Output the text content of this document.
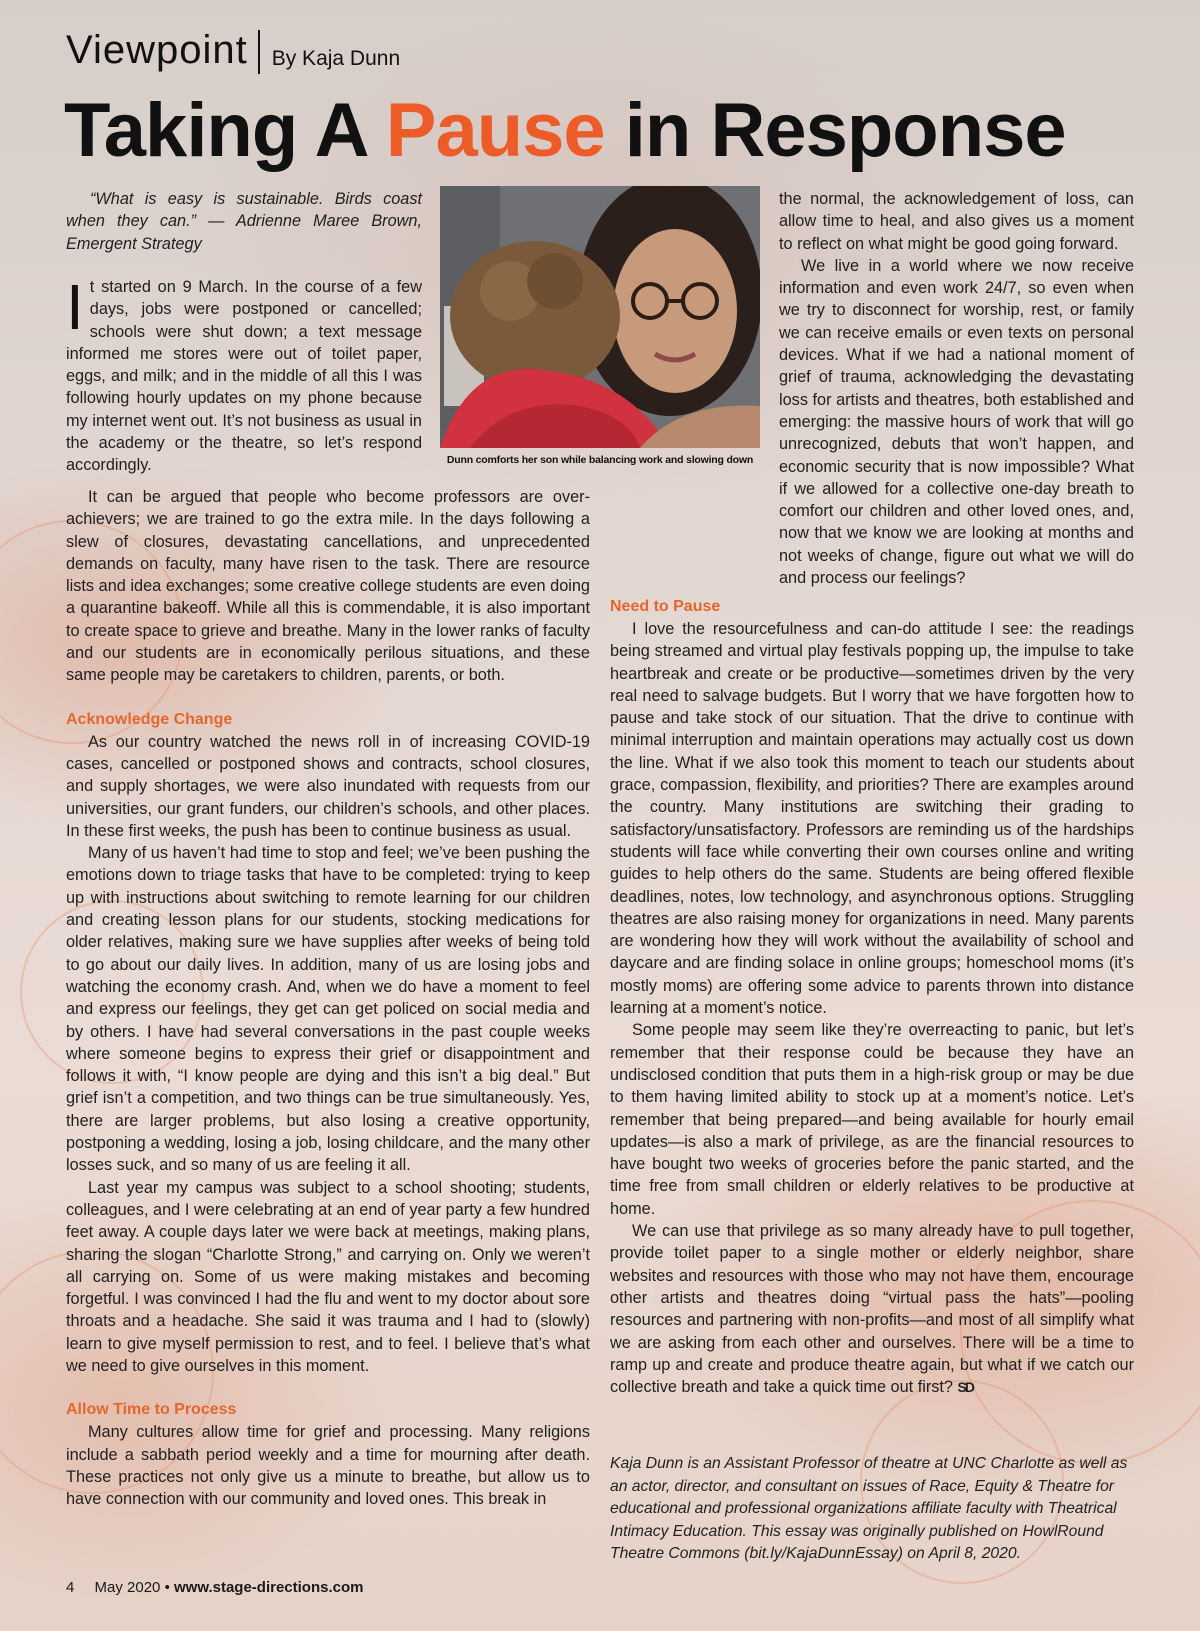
Viewpoint By Kaja Dunn
Taking A Pause in Response

“What is easy is sustainable. Birds coast when they can.” — Adrienne Maree Brown, Emergent Strategy

It started on 9 March. In the course of a few days, jobs were postponed or cancelled; schools were shut down; a text message informed me stores were out of toilet paper, eggs, and milk; and in the middle of all this I was following hourly updates on my phone because my internet went out. It’s not business as usual in the academy or the theatre, so let’s respond accordingly.	Dunn comforts her son while balancing work and slowing down

the normal, the acknowledgement of loss, can allow time to heal, and also gives us a moment to reflect on what might be good going forward.

We live in a world where we now receive information and even work 24/7, so even when we try to disconnect for worship, rest, or family we can receive emails or even texts on personal devices. What if we had a national moment of grief of trauma, acknowledging the devastating loss for artists and theatres, both established and emerging: the massive hours of work that will go unrecognized, debuts that won’t happen, and economic security that is now impossible? What if we allowed for a collective one-day breath to comfort our children and other loved ones, and, now that we know we are looking at months and not weeks of change, figure out what we will do and process our feelings?

It can be argued that people who become professors are over-achievers; we are trained to go the extra mile. In the days following a slew of closures, devastating cancellations, and unprecedented demands on faculty, many have risen to the task. There are resource lists and idea exchanges; some creative college students are even doing a quarantine bakeoff. While all this is commendable, it is also important to create space to grieve and breathe. Many in the lower ranks of faculty and our students are in economically perilous situations, and these same people may be caretakers to children, parents, or both.

Acknowledge Change

As our country watched the news roll in of increasing COVID-19 cases, cancelled or postponed shows and contracts, school closures, and supply shortages, we were also inundated with requests from our universities, our grant funders, our children’s schools, and other places. In these first weeks, the push has been to continue business as usual.

Many of us haven’t had time to stop and feel; we’ve been pushing the emotions down to triage tasks that have to be completed: trying to keep up with instructions about switching to remote learning for our children and creating lesson plans for our students, stocking medications for older relatives, making sure we have supplies after weeks of being told to go about our daily lives. In addition, many of us are losing jobs and watching the economy crash. And, when we do have a moment to feel and express our feelings, they get can get policed on social media and by others. I have had several conversations in the past couple weeks where someone begins to express their grief or disappointment and follows it with, “I know people are dying and this isn’t a big deal.” But grief isn’t a competition, and two things can be true simultaneously. Yes, there are larger problems, but also losing a creative opportunity, postponing a wedding, losing a job, losing childcare, and the many other losses suck, and so many of us are feeling it all.

Last year my campus was subject to a school shooting; students, colleagues, and I were celebrating at an end of year party a few hundred feet away. A couple days later we were back at meetings, making plans, sharing the slogan “Charlotte Strong,” and carrying on. Only we weren’t all carrying on. Some of us were making mistakes and becoming forgetful. I was convinced I had the flu and went to my doctor about sore throats and a headache. She said it was trauma and I had to (slowly) learn to give myself permission to rest, and to feel. I believe that’s what we need to give ourselves in this moment.

Allow Time to Process

Many cultures allow time for grief and processing. Many religions include a sabbath period weekly and a time for mourning after death. These practices not only give us a minute to breathe, but allow us to have connection with our community and loved ones. This break in

Need to Pause

I love the resourcefulness and can-do attitude I see: the readings being streamed and virtual play festivals popping up, the impulse to take heartbreak and create or be productive—sometimes driven by the very real need to salvage budgets. But I worry that we have forgotten how to pause and take stock of our situation. That the drive to continue with minimal interruption and maintain operations may actually cost us down the line. What if we also took this moment to teach our students about grace, compassion, flexibility, and priorities? There are examples around the country. Many institutions are switching their grading to satisfactory/unsatisfactory. Professors are reminding us of the hardships students will face while converting their own courses online and writing guides to help others do the same. Students are being offered flexible deadlines, notes, low technology, and asynchronous options. Struggling theatres are also raising money for organizations in need. Many parents are wondering how they will work without the availability of school and daycare and are finding solace in online groups; homeschool moms (it’s mostly moms) are offering some advice to parents thrown into distance learning at a moment’s notice.

Some people may seem like they’re overreacting to panic, but let’s remember that their response could be because they have an undisclosed condition that puts them in a high-risk group or may be due to them having limited ability to stock up at a moment’s notice. Let’s remember that being prepared—and being available for hourly email updates—is also a mark of privilege, as are the financial resources to have bought two weeks of groceries before the panic started, and the time free from small children or elderly relatives to be productive at home.

We can use that privilege as so many already have to pull together, provide toilet paper to a single mother or elderly neighbor, share websites and resources with those who may not have them, encourage other artists and theatres doing “virtual pass the hats”—pooling resources and partnering with non-profits—and most of all simplify what we are asking from each other and ourselves. There will be a time to ramp up and create and produce theatre again, but what if we catch our collective breath and take a quick time out first? SD

Kaja Dunn is an Assistant Professor of theatre at UNC Charlotte as well as an actor, director, and consultant on issues of Race, Equity & Theatre for educational and professional organizations affiliate faculty with Theatrical Intimacy Education. This essay was originally published on HowlRound Theatre Commons (bit.ly/KajaDunnEssay) on April 8, 2020.

4 May 2020 • www.stage-directions.com
